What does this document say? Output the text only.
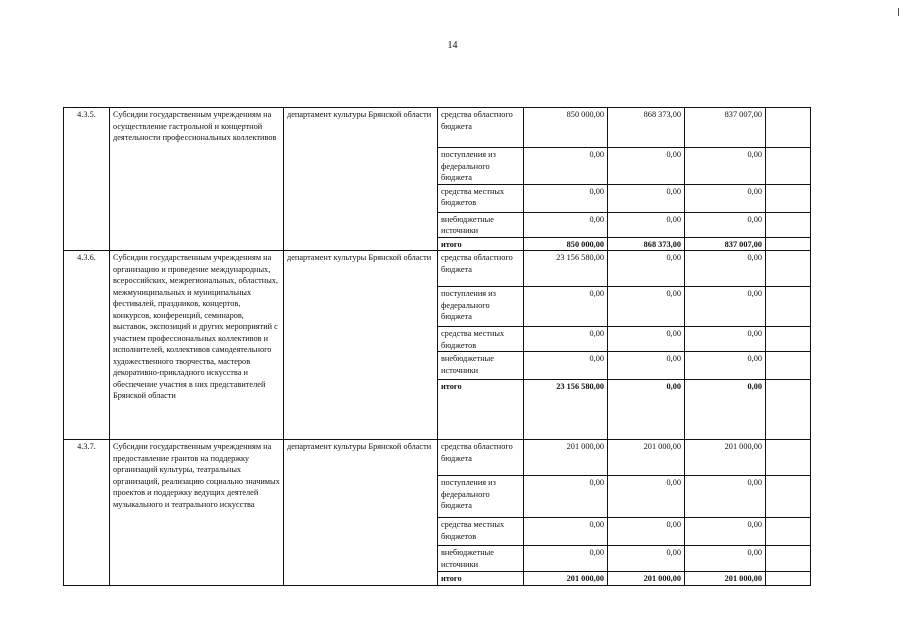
14
4.3.5.	Субсидии государственным учреждениям на осуществление гастрольной и концертной деятельности профессиональных коллективов	департамент культуры Брянской области	средства областного бюджета	850 000,00	868 373,00	837 007,00	
			поступления из федерального бюджета	0,00	0,00	0,00	
			средства местных бюджетов	0,00	0,00	0,00	
			внебюджетные источники	0,00	0,00	0,00	
			итого	850 000,00	868 373,00	837 007,00	
4.3.6.	Субсидии государственным учреждениям на организацию и проведение международных, всероссийских, межрегиональных, областных, межмуниципальных и муниципальных фестивалей, праздников, концертов, конкурсов, конференций, семинаров, выставок, экспозиций и других мероприятий с участием профессиональных коллективов и исполнителей, коллективов самодеятельного художественного творчества, мастеров декоративно-прикладного искусства и обеспечение участия в них представителей Брянской области	департамент культуры Брянской области	средства областного бюджета	23 156 580,00	0,00	0,00	
			поступления из федерального бюджета	0,00	0,00	0,00	
			средства местных бюджетов	0,00	0,00	0,00	
			внебюджетные источники	0,00	0,00	0,00	
			итого	23 156 580,00	0,00	0,00	
4.3.7.	Субсидии государственным учреждениям на предоставление грантов на поддержку организаций культуры, театральных организаций, реализацию социально значимых проектов и поддержку ведущих деятелей музыкального и театрального искусства	департамент культуры Брянской области	средства областного бюджета	201 000,00	201 000,00	201 000,00	
			поступления из федерального бюджета	0,00	0,00	0,00	
			средства местных бюджетов	0,00	0,00	0,00	
			внебюджетные источники	0,00	0,00	0,00	
			итого	201 000,00	201 000,00	201 000,00	
